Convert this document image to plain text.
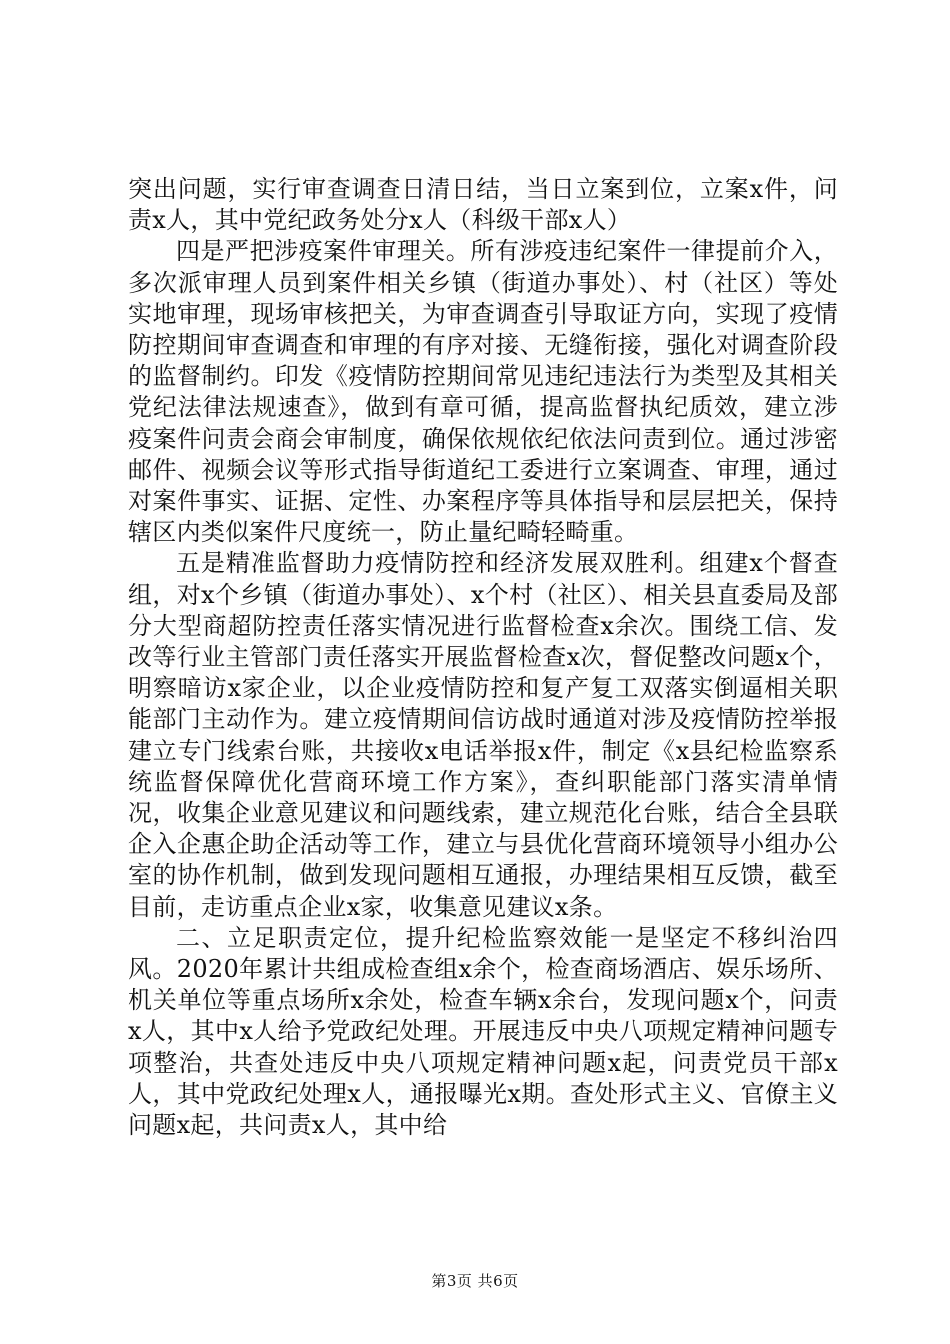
突出问题，实行审查调查日清日结，当日立案到位，立案x件，问责x人，其中党纪政务处分x人（科级干部x人）

四是严把涉疫案件审理关。所有涉疫违纪案件一律提前介入，多次派审理人员到案件相关乡镇（街道办事处）、村（社区）等处实地审理，现场审核把关，为审查调查引导取证方向，实现了疫情防控期间审查调查和审理的有序对接、无缝衔接，强化对调查阶段的监督制约。印发《疫情防控期间常见违纪违法行为类型及其相关党纪法律法规速查》，做到有章可循，提高监督执纪质效，建立涉疫案件问责会商会审制度，确保依规依纪依法问责到位。通过涉密邮件、视频会议等形式指导街道纪工委进行立案调查、审理，通过对案件事实、证据、定性、办案程序等具体指导和层层把关，保持辖区内类似案件尺度统一，防止量纪畸轻畸重。

五是精准监督助力疫情防控和经济发展双胜利。组建x个督查组，对x个乡镇（街道办事处）、x个村（社区）、相关县直委局及部分大型商超防控责任落实情况进行监督检查x余次。围绕工信、发改等行业主管部门责任落实开展监督检查x次，督促整改问题x个，明察暗访x家企业，以企业疫情防控和复产复工双落实倒逼相关职能部门主动作为。建立疫情期间信访战时通道对涉及疫情防控举报建立专门线索台账，共接收x电话举报x件，制定《x县纪检监察系统监督保障优化营商环境工作方案》，查纠职能部门落实清单情况，收集企业意见建议和问题线索，建立规范化台账，结合全县联企入企惠企助企活动等工作，建立与县优化营商环境领导小组办公室的协作机制，做到发现问题相互通报，办理结果相互反馈，截至目前，走访重点企业x家，收集意见建议x条。

二、立足职责定位，提升纪检监察效能一是坚定不移纠治四风。2020年累计共组成检查组x余个，检查商场酒店、娱乐场所、机关单位等重点场所x余处，检查车辆x余台，发现问题x个，问责x人，其中x人给予党政纪处理。开展违反中央八项规定精神问题专项整治，共查处违反中央八项规定精神问题x起，问责党员干部x人，其中党政纪处理x人，通报曝光x期。查处形式主义、官僚主义问题x起，共问责x人，其中给

第3页 共6页
